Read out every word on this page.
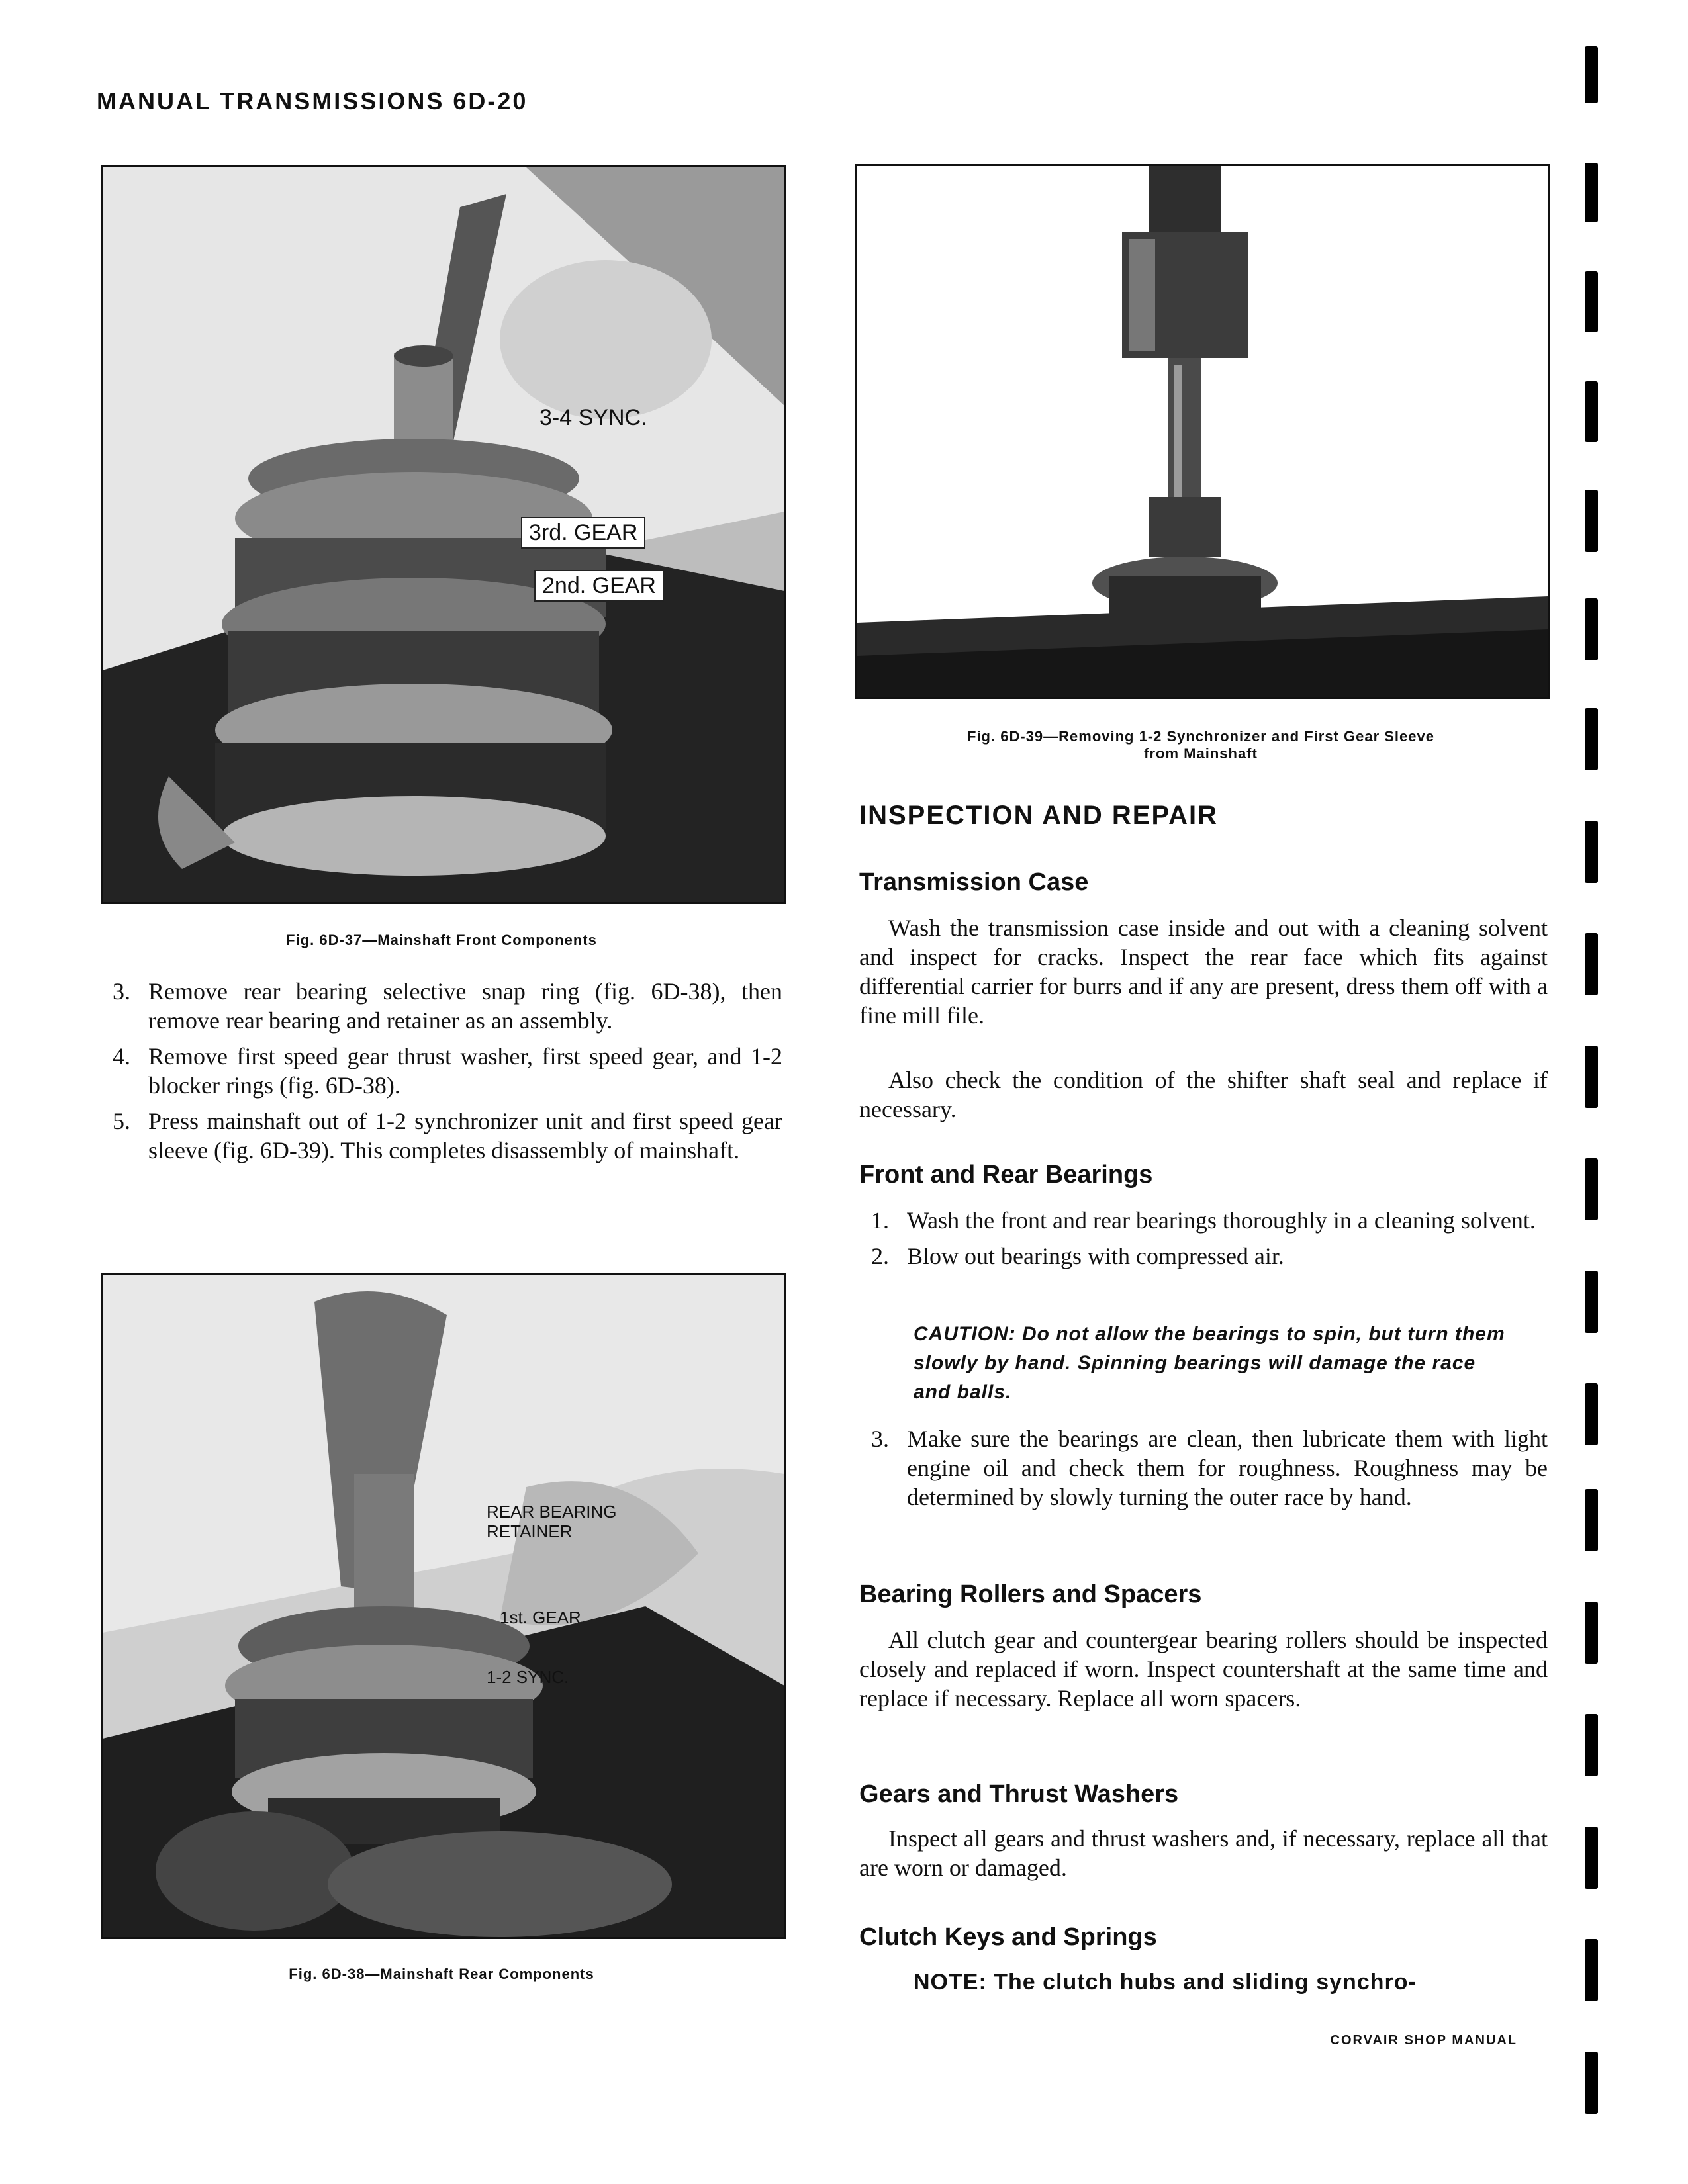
MANUAL TRANSMISSIONS 6D-20
3-4 SYNC.
3rd. GEAR
2nd. GEAR
Fig. 6D-37—Mainshaft Front Components
3. Remove rear bearing selective snap ring (fig. 6D-38), then remove rear bearing and retainer as an assembly.
4. Remove first speed gear thrust washer, first speed gear, and 1-2 blocker rings (fig. 6D-38).
5. Press mainshaft out of 1-2 synchronizer unit and first speed gear sleeve (fig. 6D-39). This completes disassembly of mainshaft.
REAR BEARING RETAINER
1st. GEAR
1-2 SYNC.
Fig. 6D-38—Mainshaft Rear Components
Fig. 6D-39—Removing 1-2 Synchronizer and First Gear Sleeve
from Mainshaft
INSPECTION AND REPAIR
Transmission Case
Wash the transmission case inside and out with a cleaning solvent and inspect for cracks. Inspect the rear face which fits against differential carrier for burrs and if any are present, dress them off with a fine mill file.
Also check the condition of the shifter shaft seal and replace if necessary.
Front and Rear Bearings
1. Wash the front and rear bearings thoroughly in a cleaning solvent.
2. Blow out bearings with compressed air.
CAUTION: Do not allow the bearings to spin, but turn them slowly by hand. Spinning bearings will damage the race and balls.
3. Make sure the bearings are clean, then lubricate them with light engine oil and check them for roughness. Roughness may be determined by slowly turning the outer race by hand.
Bearing Rollers and Spacers
All clutch gear and countergear bearing rollers should be inspected closely and replaced if worn. Inspect countershaft at the same time and replace if necessary. Replace all worn spacers.
Gears and Thrust Washers
Inspect all gears and thrust washers and, if necessary, replace all that are worn or damaged.
Clutch Keys and Springs
NOTE: The clutch hubs and sliding synchro-
CORVAIR SHOP MANUAL
